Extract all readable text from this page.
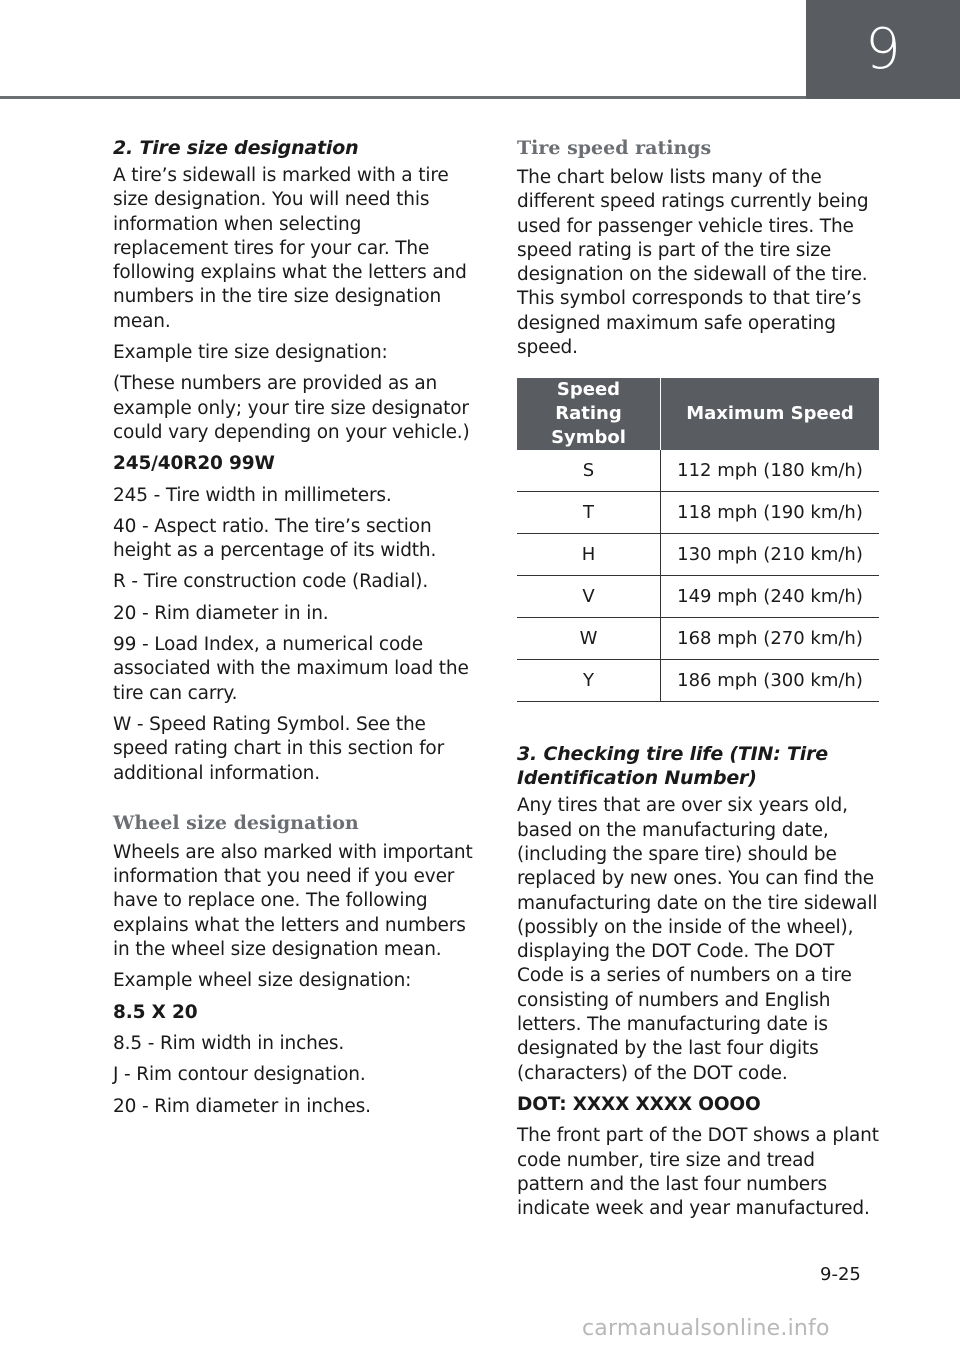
9
2. Tire size designation

A tire’s sidewall is marked with a tire size designation. You will need this information when selecting replacement tires for your car. The following explains what the letters and numbers in the tire size designation mean.

Example tire size designation:

(These numbers are provided as an example only; your tire size designator could vary depending on your vehicle.)

245/40R20 99W

245 - Tire width in millimeters.

40 - Aspect ratio. The tire’s section height as a percentage of its width.

R - Tire construction code (Radial).

20 - Rim diameter in in.

99 - Load Index, a numerical code associated with the maximum load the tire can carry.

W - Speed Rating Symbol. See the speed rating chart in this section for additional information.

Wheel size designation

Wheels are also marked with important information that you need if you ever have to replace one. The following explains what the letters and numbers in the wheel size designation mean.

Example wheel size designation:

8.5 X 20

8.5 - Rim width in inches.

J - Rim contour designation.

20 - Rim diameter in inches.

Tire speed ratings

The chart below lists many of the different speed ratings currently being used for passenger vehicle tires. The speed rating is part of the tire size designation on the sidewall of the tire. This symbol corresponds to that tire’s designed maximum safe operating speed.

Speed Rating Symbol	Maximum Speed
S	112 mph (180 km/h)
T	118 mph (190 km/h)
H	130 mph (210 km/h)
V	149 mph (240 km/h)
W	168 mph (270 km/h)
Y	186 mph (300 km/h)
3. Checking tire life (TIN: Tire Identification Number)

Any tires that are over six years old, based on the manufacturing date, (including the spare tire) should be replaced by new ones. You can find the manufacturing date on the tire sidewall (possibly on the inside of the wheel), displaying the DOT Code. The DOT Code is a series of numbers on a tire consisting of numbers and English letters. The manufacturing date is designated by the last four digits (characters) of the DOT code.

DOT: XXXX XXXX OOOO

The front part of the DOT shows a plant code number, tire size and tread pattern and the last four numbers indicate week and year manufactured.

9-25
carmanualsonline.info
